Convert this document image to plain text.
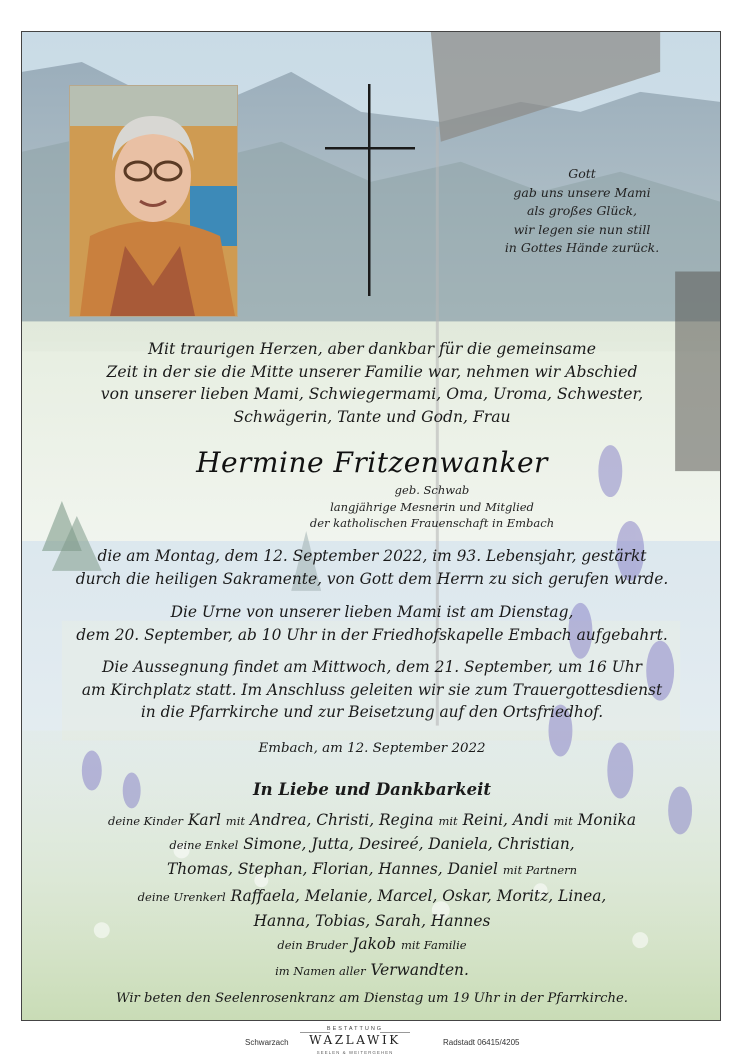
Gott
gab uns unsere Mami
als großes Glück,
wir legen sie nun still
in Gottes Hände zurück.
Mit traurigen Herzen, aber dankbar für die gemeinsame
Zeit in der sie die Mitte unserer Familie war, nehmen wir Abschied
von unserer lieben Mami, Schwiegermami, Oma, Uroma, Schwester,
Schwägerin, Tante und Godn, Frau
Hermine Fritzenwanker
geb. Schwab
langjährige Mesnerin und Mitglied
der katholischen Frauenschaft in Embach
die am Montag, dem 12. September 2022, im 93. Lebensjahr, gestärkt
durch die heiligen Sakramente, von Gott dem Herrn zu sich gerufen wurde.
Die Urne von unserer lieben Mami ist am Dienstag,
dem 20. September, ab 10 Uhr in der Friedhofskapelle Embach aufgebahrt.
Die Aussegnung findet am Mittwoch, dem 21. September, um 16 Uhr
am Kirchplatz statt. Im Anschluss geleiten wir sie zum Trauergottesdienst
in die Pfarrkirche und zur Beisetzung auf den Ortsfriedhof.
Embach, am 12. September 2022
In Liebe und Dankbarkeit
deine Kinder Karl mit Andrea, Christi, Regina mit Reini, Andi mit Monika
deine Enkel Simone, Jutta, Desireé, Daniela, Christian,
Thomas, Stephan, Florian, Hannes, Daniel mit Partnern
deine Urenkerl Raffaela, Melanie, Marcel, Oskar, Moritz, Linea,
Hanna, Tobias, Sarah, Hannes
dein Bruder Jakob mit Familie
im Namen aller Verwandten.
Wir beten den Seelenrosenkranz am Dienstag um 19 Uhr in der Pfarrkirche.
Schwarzach
BESTATTUNG
WAZLAWIK
SEELEN & WEITERGEHEN
Radstadt 06415/4205
